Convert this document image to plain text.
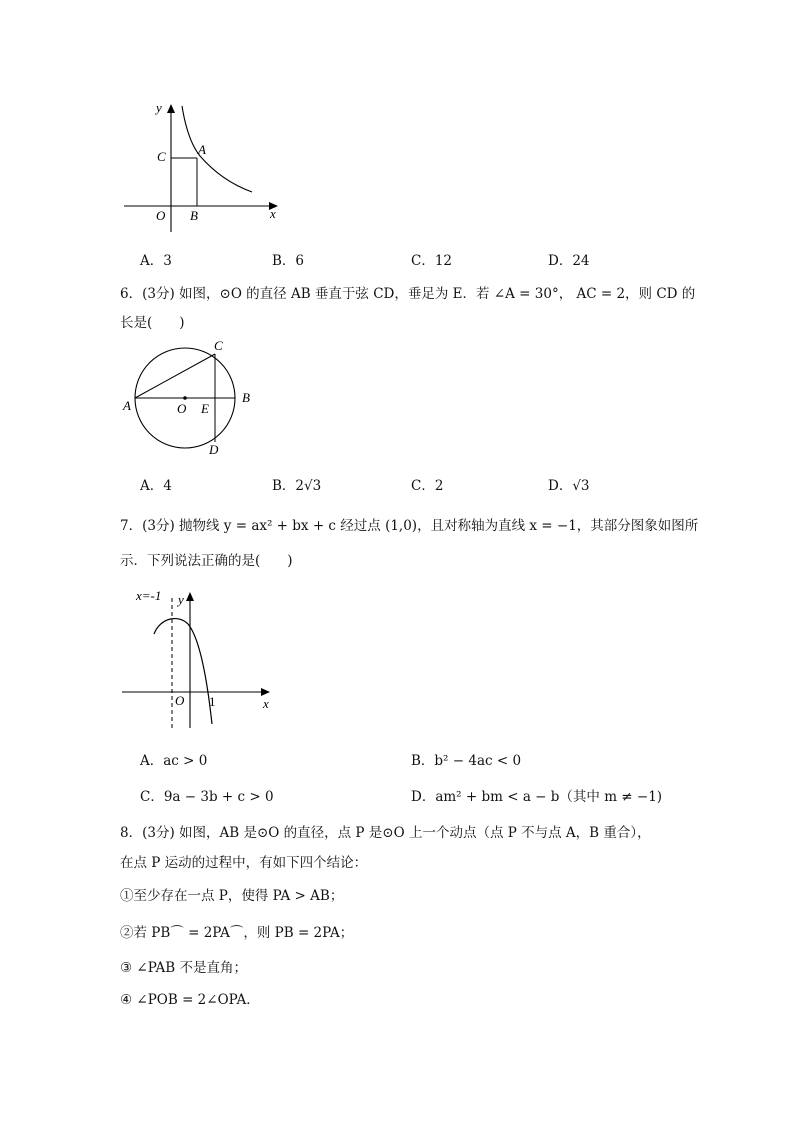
y
C A
O B	x
A．3	B．6	C．12	D．24
6．(3分) 如图，⊙O 的直径 AB 垂直于弦 CD，垂足为 E．若 ∠A = 30°， AC = 2，则 CD 的
长是(　　)
A
B
C
D
O E
A．4	B．2√3	C．2	D．√3
7．(3分) 抛物线 y = ax² + bx + c 经过点 (1,0)，且对称轴为直线 x = −1，其部分图象如图所
示．下列说法正确的是(　　)
x=-1 y
O 1	x
A．ac > 0	B．b² − 4ac < 0
C．9a − 3b + c > 0	D．am² + bm < a − b（其中 m ≠ −1)
8．(3分) 如图，AB 是⊙O 的直径，点 P 是⊙O 上一个动点（点 P 不与点 A，B 重合），
在点 P 运动的过程中，有如下四个结论：
①至少存在一点 P，使得 PA > AB；
②若 PB⌒ = 2PA⌒，则 PB = 2PA；
③ ∠PAB 不是直角；
④ ∠POB = 2∠OPA．
